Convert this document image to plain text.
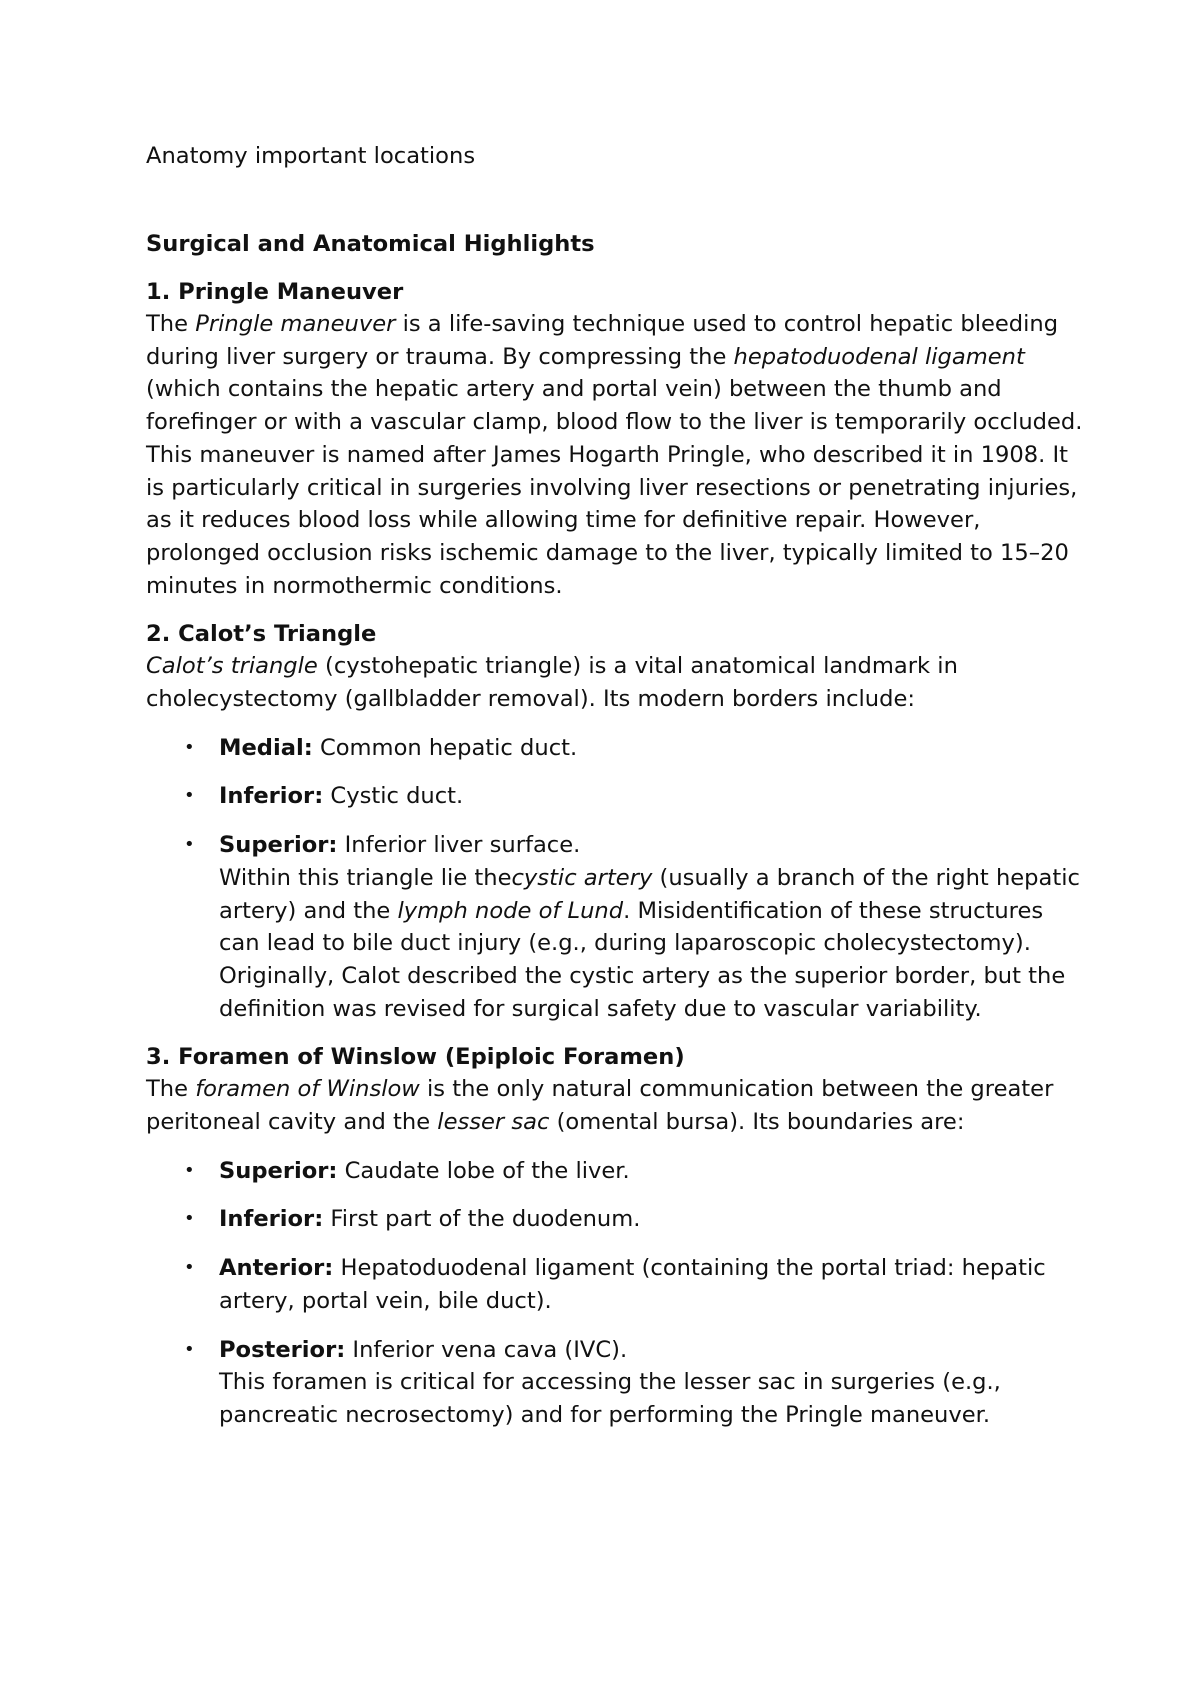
Anatomy important locations

Surgical and Anatomical Highlights
1. Pringle Maneuver

The Pringle maneuver is a life-saving technique used to control hepatic bleeding during liver surgery or trauma. By compressing the hepatoduodenal ligament (which contains the hepatic artery and portal vein) between the thumb and forefinger or with a vascular clamp, blood flow to the liver is temporarily occluded. This maneuver is named after James Hogarth Pringle, who described it in 1908. It is particularly critical in surgeries involving liver resections or penetrating injuries, as it reduces blood loss while allowing time for definitive repair. However, prolonged occlusion risks ischemic damage to the liver, typically limited to 15–20 minutes in normothermic conditions.

2. Calot’s Triangle

Calot’s triangle (cystohepatic triangle) is a vital anatomical landmark in cholecystectomy (gallbladder removal). Its modern borders include:

• Medial: Common hepatic duct.
• Inferior: Cystic duct.
• Superior: Inferior liver surface.
Within this triangle lie thecystic artery (usually a branch of the right hepatic artery) and the lymph node of Lund. Misidentification of these structures can lead to bile duct injury (e.g., during laparoscopic cholecystectomy). Originally, Calot described the cystic artery as the superior border, but the definition was revised for surgical safety due to vascular variability.
3. Foramen of Winslow (Epiploic Foramen)

The foramen of Winslow is the only natural communication between the greater peritoneal cavity and the lesser sac (omental bursa). Its boundaries are:

• Superior: Caudate lobe of the liver.
• Inferior: First part of the duodenum.
• Anterior: Hepatoduodenal ligament (containing the portal triad: hepatic artery, portal vein, bile duct).
• Posterior: Inferior vena cava (IVC).
This foramen is critical for accessing the lesser sac in surgeries (e.g., pancreatic necrosectomy) and for performing the Pringle maneuver.
